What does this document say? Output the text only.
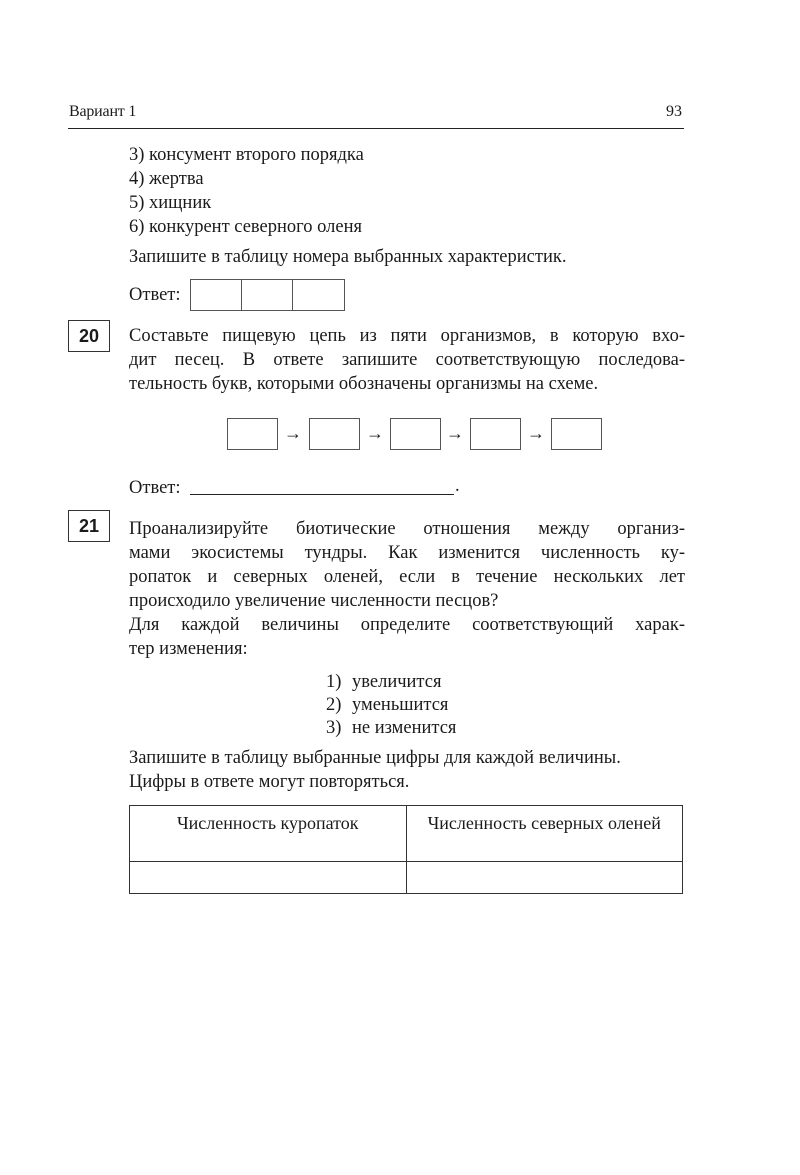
Вариант 1	93
3) консумент второго порядка
4) жертва
5) хищник
6) конкурент северного оленя
Запишите в таблицу номера выбранных характеристик.
Ответ:
20	Составьте пищевую цепь из пяти организмов, в которую вхо-
дит песец. В ответе запишите соответствующую последова-
тельность букв, которыми обозначены организмы на схеме.
→	→	→	→
Ответ:	.
21	Проанализируйте биотические отношения между организ-
мами экосистемы тундры. Как изменится численность ку-
ропаток и северных оленей, если в течение нескольких лет
происходило увеличение численности песцов?
Для каждой величины определите соответствующий харак-
тер изменения:
1) увеличится
2) уменьшится
3) не изменится
Запишите в таблицу выбранные цифры для каждой величины.
Цифры в ответе могут повторяться.
Численность куропаток	Численность северных оленей
